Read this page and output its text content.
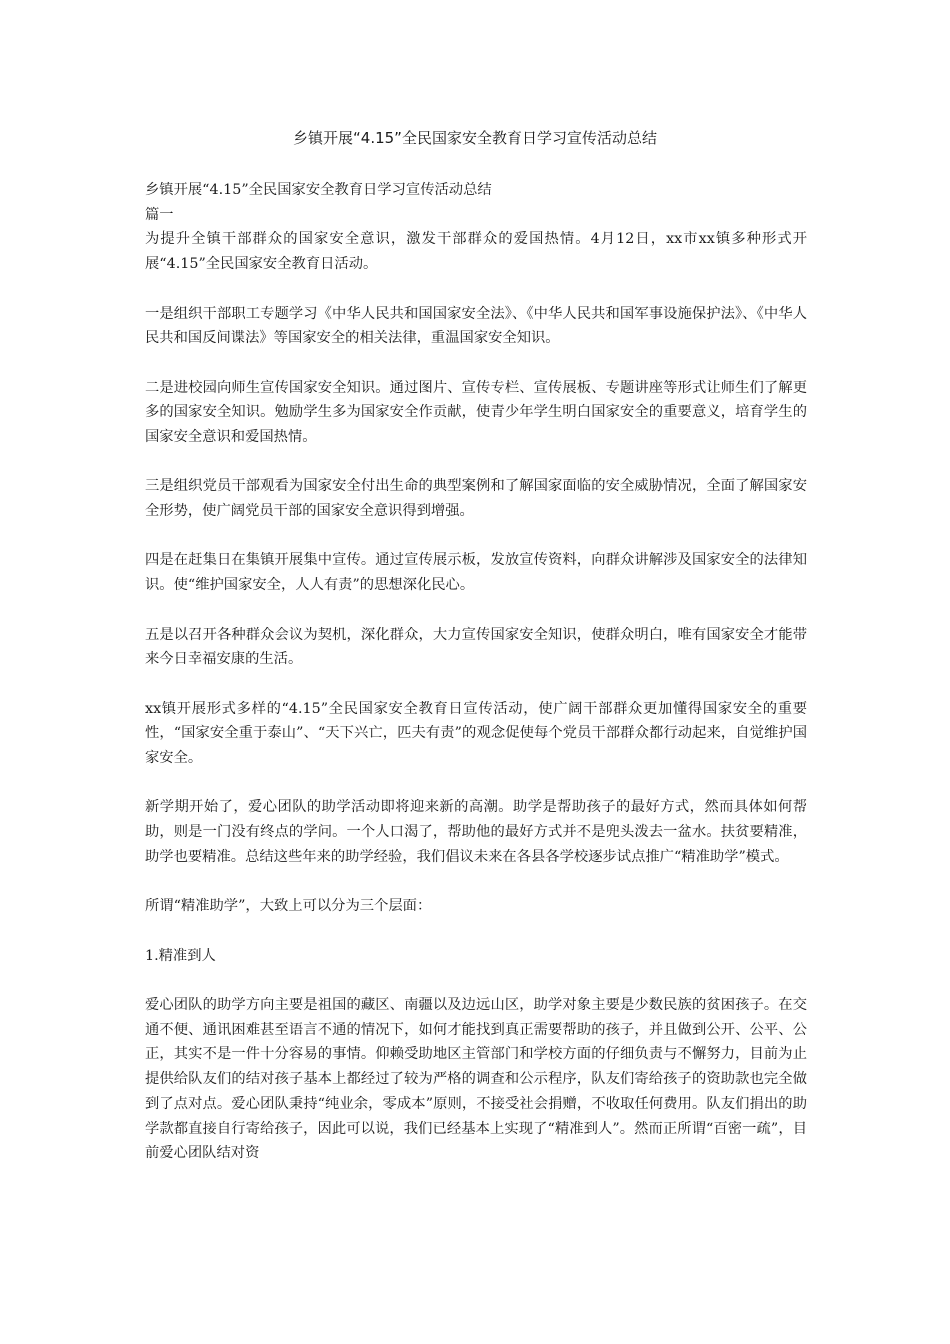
乡镇开展“4.15”全民国家安全教育日学习宣传活动总结

乡镇开展“4.15”全民国家安全教育日学习宣传活动总结

篇一

为提升全镇干部群众的国家安全意识，激发干部群众的爱国热情。4月12日，xx市xx镇多种形式开展“4.15”全民国家安全教育日活动。

一是组织干部职工专题学习《中华人民共和国国家安全法》、《中华人民共和国军事设施保护法》、《中华人民共和国反间谍法》等国家安全的相关法律，重温国家安全知识。

二是进校园向师生宣传国家安全知识。通过图片、宣传专栏、宣传展板、专题讲座等形式让师生们了解更多的国家安全知识。勉励学生多为国家安全作贡献，使青少年学生明白国家安全的重要意义，培育学生的国家安全意识和爱国热情。

三是组织党员干部观看为国家安全付出生命的典型案例和了解国家面临的安全威胁情况，全面了解国家安全形势，使广阔党员干部的国家安全意识得到增强。

四是在赶集日在集镇开展集中宣传。通过宣传展示板，发放宣传资料，向群众讲解涉及国家安全的法律知识。使“维护国家安全，人人有责”的思想深化民心。

五是以召开各种群众会议为契机，深化群众，大力宣传国家安全知识，使群众明白，唯有国家安全才能带来今日幸福安康的生活。

xx镇开展形式多样的“4.15”全民国家安全教育日宣传活动，使广阔干部群众更加懂得国家安全的重要性，“国家安全重于泰山”、“天下兴亡，匹夫有责”的观念促使每个党员干部群众都行动起来，自觉维护国家安全。

新学期开始了，爱心团队的助学活动即将迎来新的高潮。助学是帮助孩子的最好方式，然而具体如何帮助，则是一门没有终点的学问。一个人口渴了，帮助他的最好方式并不是兜头泼去一盆水。扶贫要精准，助学也要精准。总结这些年来的助学经验，我们倡议未来在各县各学校逐步试点推广“精准助学”模式。

所谓“精准助学”，大致上可以分为三个层面：

1.精准到人

爱心团队的助学方向主要是祖国的藏区、南疆以及边远山区，助学对象主要是少数民族的贫困孩子。在交通不便、通讯困难甚至语言不通的情况下，如何才能找到真正需要帮助的孩子，并且做到公开、公平、公正，其实不是一件十分容易的事情。仰赖受助地区主管部门和学校方面的仔细负责与不懈努力，目前为止提供给队友们的结对孩子基本上都经过了较为严格的调查和公示程序，队友们寄给孩子的资助款也完全做到了点对点。爱心团队秉持“纯业余，零成本”原则，不接受社会捐赠，不收取任何费用。队友们捐出的助学款都直接自行寄给孩子，因此可以说，我们已经基本上实现了“精准到人”。然而正所谓“百密一疏”，目前爱心团队结对资
